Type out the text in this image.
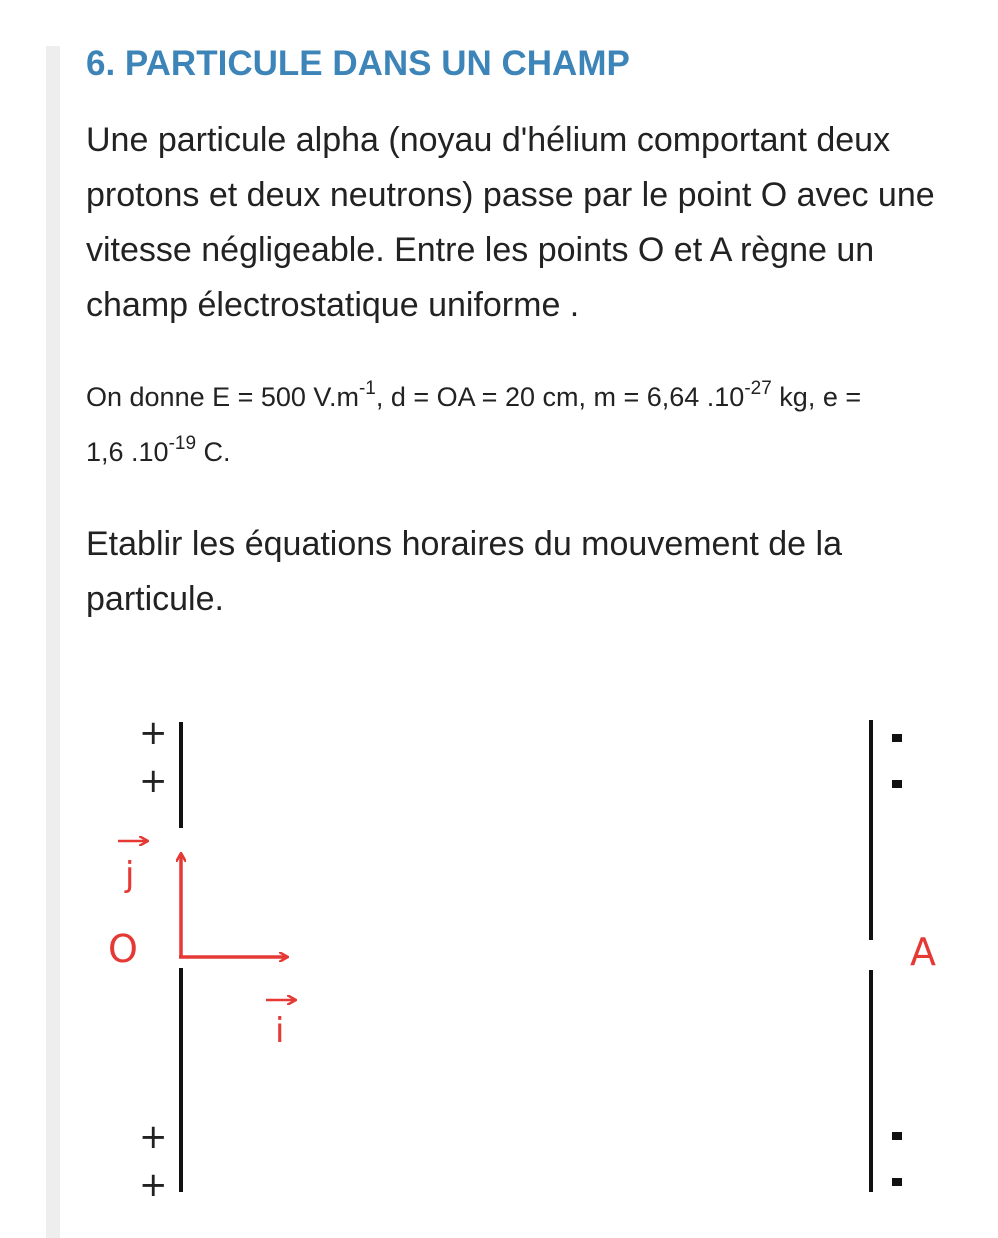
6. PARTICULE DANS UN CHAMP
Une particule alpha (noyau d'hélium comportant deux protons et deux neutrons) passe par le point O avec une vitesse négligeable. Entre les points O et A règne un champ électrostatique uniforme .
On donne E = 500 $V.m^{-1}$, d = OA = 20 cm, m = 6,64 $.10^{-27}$ kg, e =
1,6 $.10^{-19}$ C.
Etablir les équations horaires du mouvement de la particule.
+
+
+
+
O	A
j
i
